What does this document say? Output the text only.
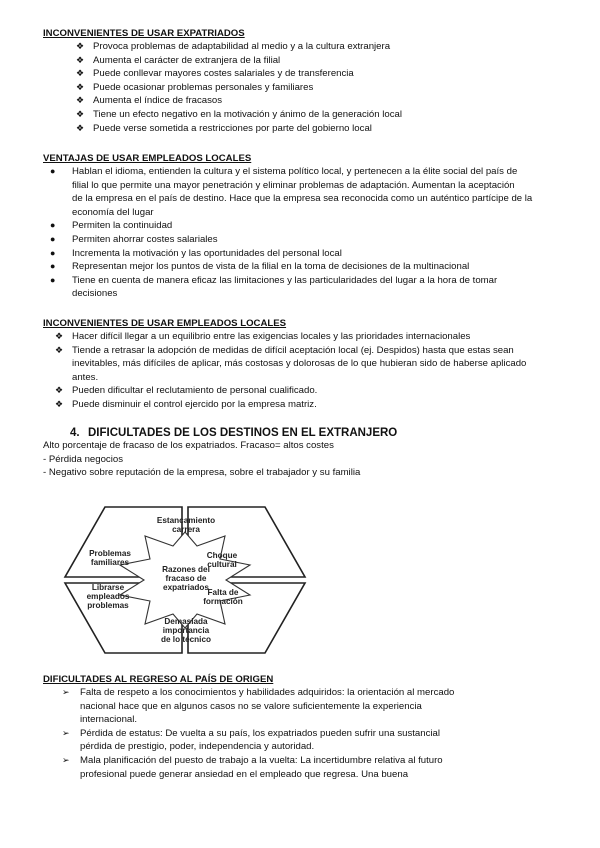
INCONVENIENTES DE USAR EXPATRIADOS
❖ Provoca problemas de adaptabilidad al medio y a la cultura extranjera
❖ Aumenta el carácter de extranjera de la filial
❖ Puede conllevar mayores costes salariales y de transferencia
❖ Puede ocasionar problemas personales y familiares
❖ Aumenta el índice de fracasos
❖ Tiene un efecto negativo en la motivación y ánimo de la generación local
❖ Puede verse sometida a restricciones por parte del gobierno local
VENTAJAS DE USAR EMPLEADOS LOCALES
● Hablan el idioma, entienden la cultura y el sistema político local, y pertenecen a la élite social del país de
filial lo que permite una mayor penetración y eliminar problemas de adaptación. Aumentan la aceptación
de la empresa en el país de destino. Hace que la empresa sea reconocida como un auténtico partícipe de la
economía del lugar
● Permiten la continuidad
● Permiten ahorrar costes salariales
● Incrementa la motivación y las oportunidades del personal local
● Representan mejor los puntos de vista de la filial en la toma de decisiones de la multinacional
● Tiene en cuenta de manera eficaz las limitaciones y las particularidades del lugar a la hora de tomar
decisiones
INCONVENIENTES DE USAR EMPLEADOS LOCALES
❖ Hacer difícil llegar a un equilibrio entre las exigencias locales y las prioridades internacionales
❖ Tiende a retrasar la adopción de medidas de difícil aceptación local (ej. Despidos) hasta que estas sean
inevitables, más difíciles de aplicar, más costosas y dolorosas de lo que hubieran sido de haberse aplicado
antes.
❖ Pueden dificultar el reclutamiento de personal cualificado.
❖ Puede disminuir el control ejercido por la empresa matriz.
4. DIFICULTADES DE LOS DESTINOS EN EL EXTRANJERO
Alto porcentaje de fracaso de los expatriados. Fracaso= altos costes
- Pérdida negocios
- Negativo sobre reputación de la empresa, sobre el trabajador y su familia
Razones del
fracaso de
expatriados
Estancamiento
carrera
Choque
cultural
Falta de
formación
Demasiada
importancia
de lo técnico
Librarse
empleados
problemas
Problemas
familiares
DIFICULTADES AL REGRESO AL PAÍS DE ORIGEN
➢ Falta de respeto a los conocimientos y habilidades adquiridos: la orientación al mercado
nacional hace que en algunos casos no se valore suficientemente la experiencia
internacional.
➢ Pérdida de estatus: De vuelta a su país, los expatriados pueden sufrir una sustancial
pérdida de prestigio, poder, independencia y autoridad.
➢ Mala planificación del puesto de trabajo a la vuelta: La incertidumbre relativa al futuro
profesional puede generar ansiedad en el empleado que regresa. Una buena
